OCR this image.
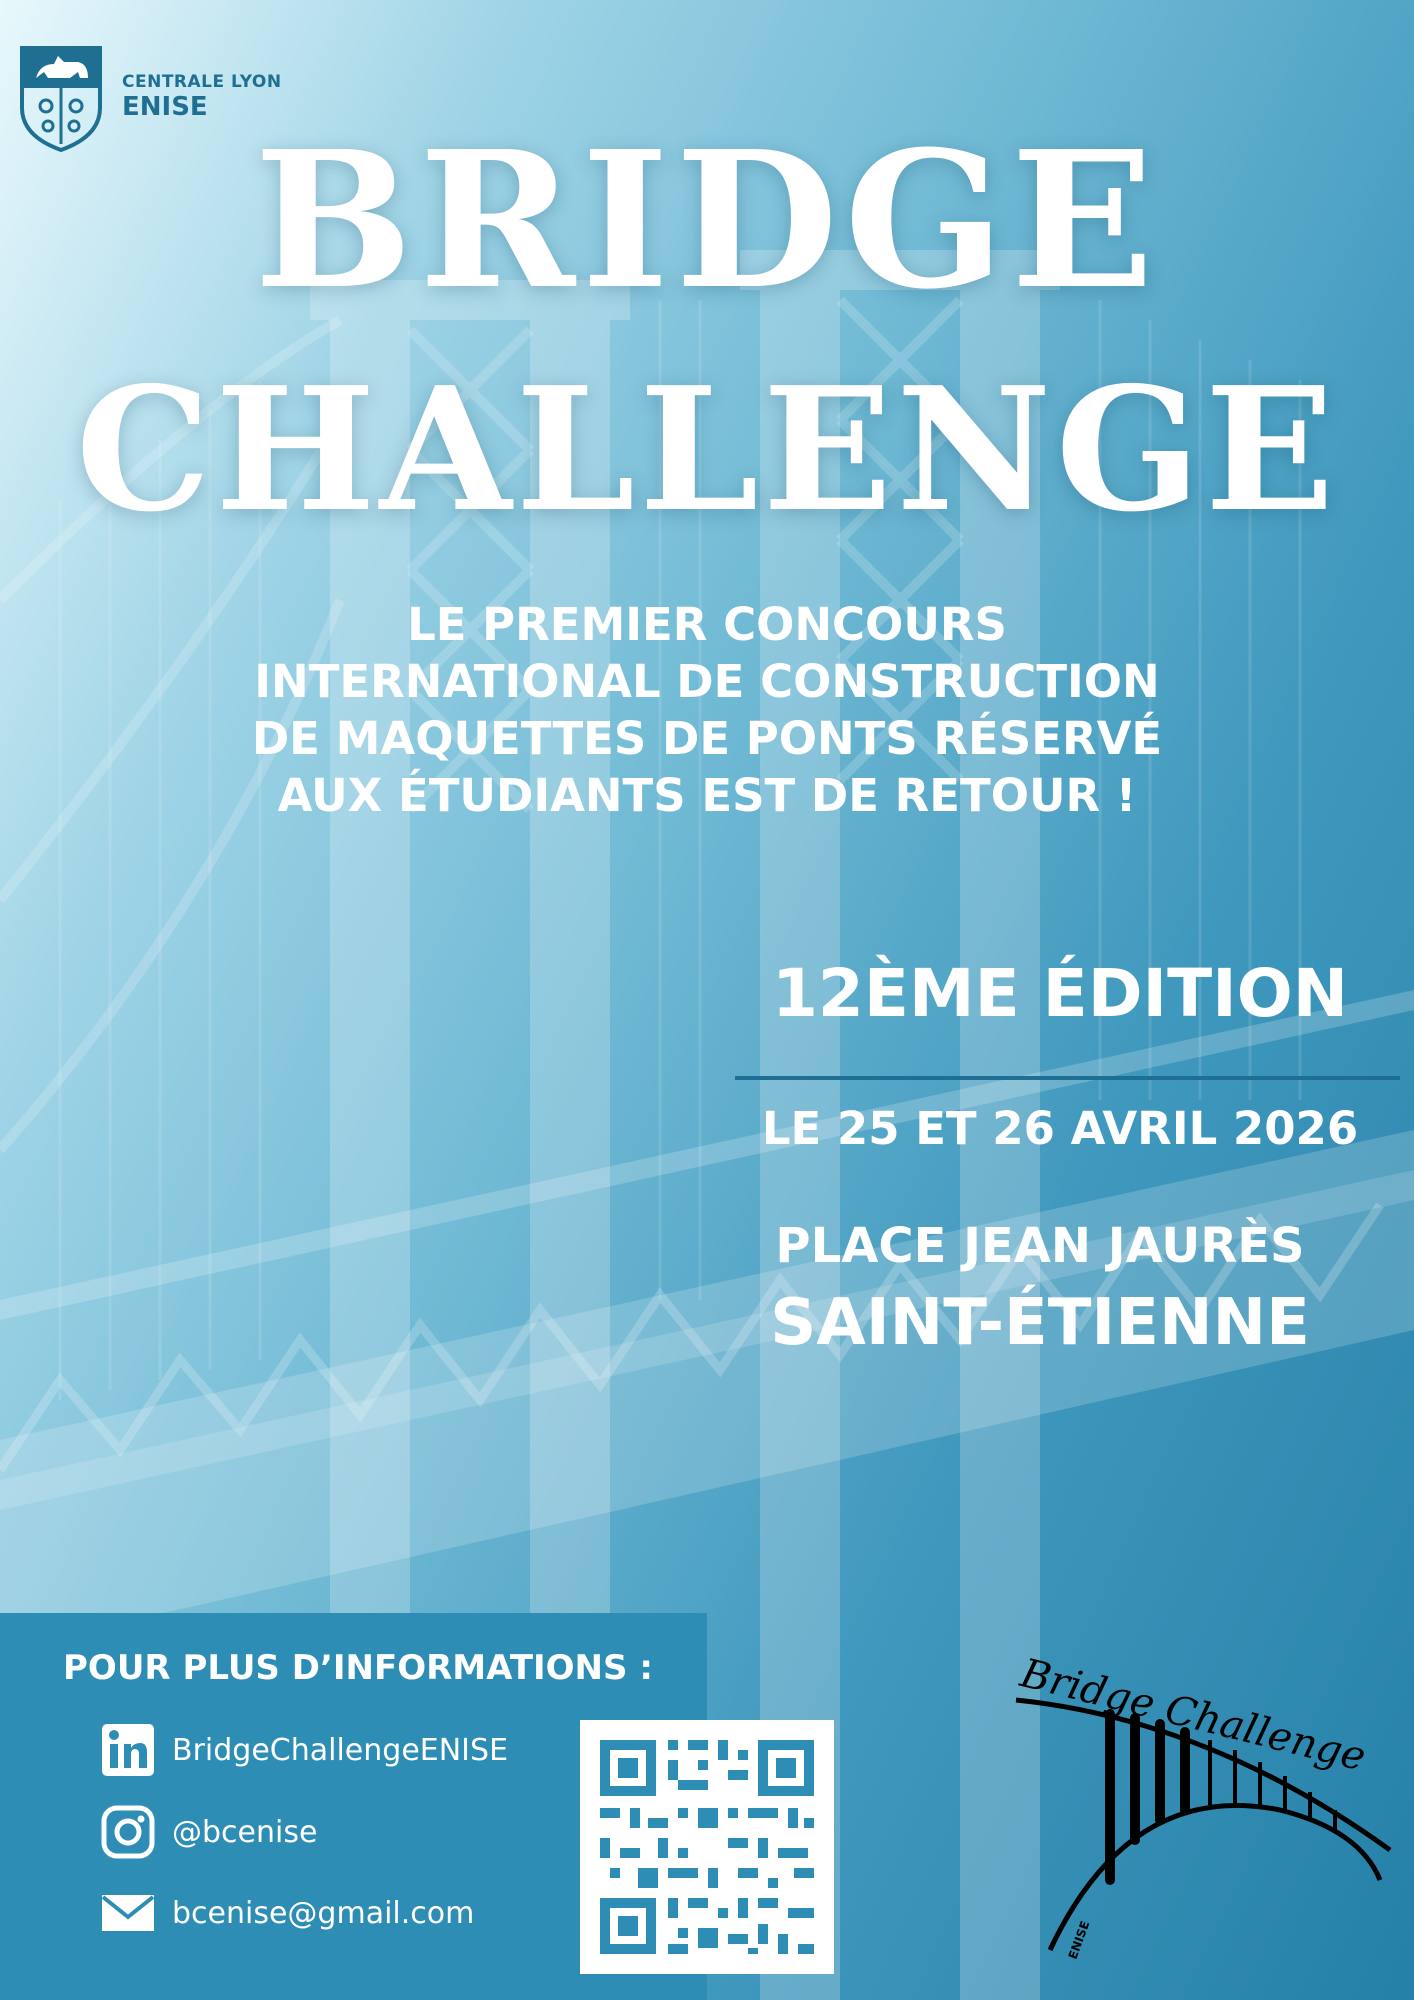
CENTRALE LYON
ENISE
BRIDGE
CHALLENGE
LE PREMIER CONCOURS
INTERNATIONAL DE CONSTRUCTION
DE MAQUETTES DE PONTS RÉSERVÉ
AUX ÉTUDIANTS EST DE RETOUR !
12ÈME ÉDITION
LE 25 ET 26 AVRIL 2026
PLACE JEAN JAURÈS
SAINT-ÉTIENNE
POUR PLUS D’INFORMATIONS :
BridgeChallengeENISE
@bcenise
bcenise@gmail.com
Bridge Challenge
ENISE
